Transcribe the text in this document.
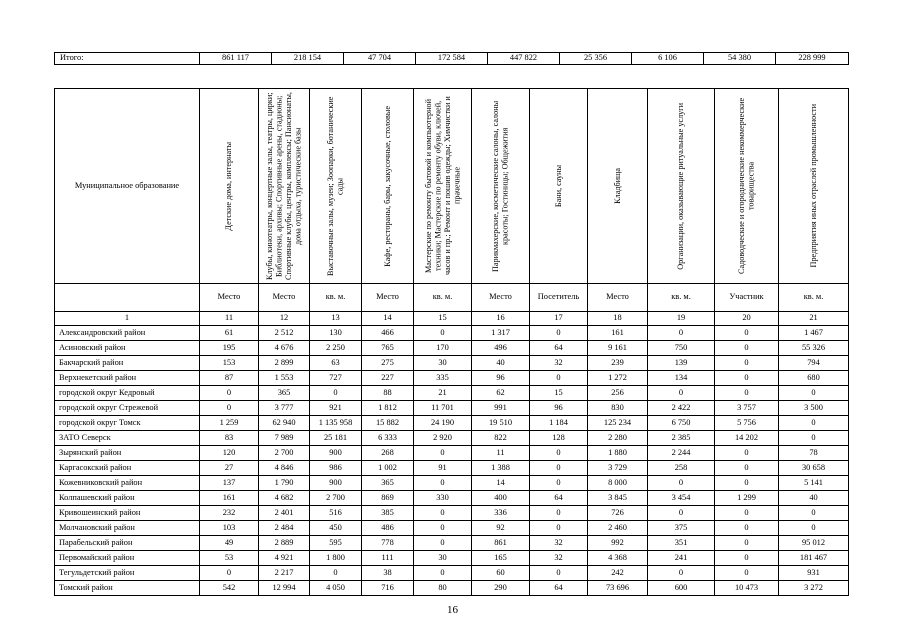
Итого:	861 117	218 154	47 704	172 584	447 822	25 356	6 106	54 380	228 999
Муниципальное образование	Детские дома, интернаты	Клубы, кинотеатры, концертные залы, театры, цирки; Библиотеки, архивы; Спортивные арены, стадионы; Спортивные клубы, центры, комплексы; Пансионаты, дома отдыха, туристические базы	Выставочные залы, музеи; Зоопарки, ботанические сады	Кафе, рестораны, бары, закусочные, столовые	Мастерские по ремонту бытовой и компьютерной техники; Мастерские по ремонту обуви, ключей, часов и пр.; Ремонт и пошив одежды; Химчистки и прачечные	Парикмахерские, косметические салоны, салоны красоты; Гостиницы; Общежития	Бани, сауны	Кладбища	Организации, оказывающие ритуальные услуги	Садоводческие и огороднические некоммерческие товарищества	Предприятия иных отраслей промышленности

	Место	Место	кв. м.	Место	кв. м.	Место	Посетитель	Место	кв. м.	Участник	кв. м.
1	11	12	13	14	15	16	17	18	19	20	21
Александровский район	61	2 512	130	466	0	1 317	0	161	0	0	1 467
Асиновский район	195	4 676	2 250	765	170	496	64	9 161	750	0	55 326
Бакчарский район	153	2 899	63	275	30	40	32	239	139	0	794
Верхнекетский район	87	1 553	727	227	335	96	0	1 272	134	0	680
городской округ Кедровый	0	365	0	88	21	62	15	256	0	0	0
городской округ Стрежевой	0	3 777	921	1 812	11 701	991	96	830	2 422	3 757	3 500
городской округ Томск	1 259	62 940	1 135 958	15 882	24 190	19 510	1 184	125 234	6 750	5 756	0
ЗАТО Северск	83	7 989	25 181	6 333	2 920	822	128	2 280	2 385	14 202	0
Зырянский район	120	2 700	900	268	0	11	0	1 880	2 244	0	78
Каргасокский район	27	4 846	986	1 002	91	1 388	0	3 729	258	0	30 658
Кожевниковский район	137	1 790	900	365	0	14	0	8 000	0	0	5 141
Колпашевский район	161	4 682	2 700	869	330	400	64	3 845	3 454	1 299	40
Кривошеинский район	232	2 401	516	385	0	336	0	726	0	0	0
Молчановский район	103	2 484	450	486	0	92	0	2 460	375	0	0
Парабельский район	49	2 889	595	778	0	861	32	992	351	0	95 012
Первомайский район	53	4 921	1 800	111	30	165	32	4 368	241	0	181 467
Тегульдетский район	0	2 217	0	38	0	60	0	242	0	0	931
Томский район	542	12 994	4 050	716	80	290	64	73 696	600	10 473	3 272
16
